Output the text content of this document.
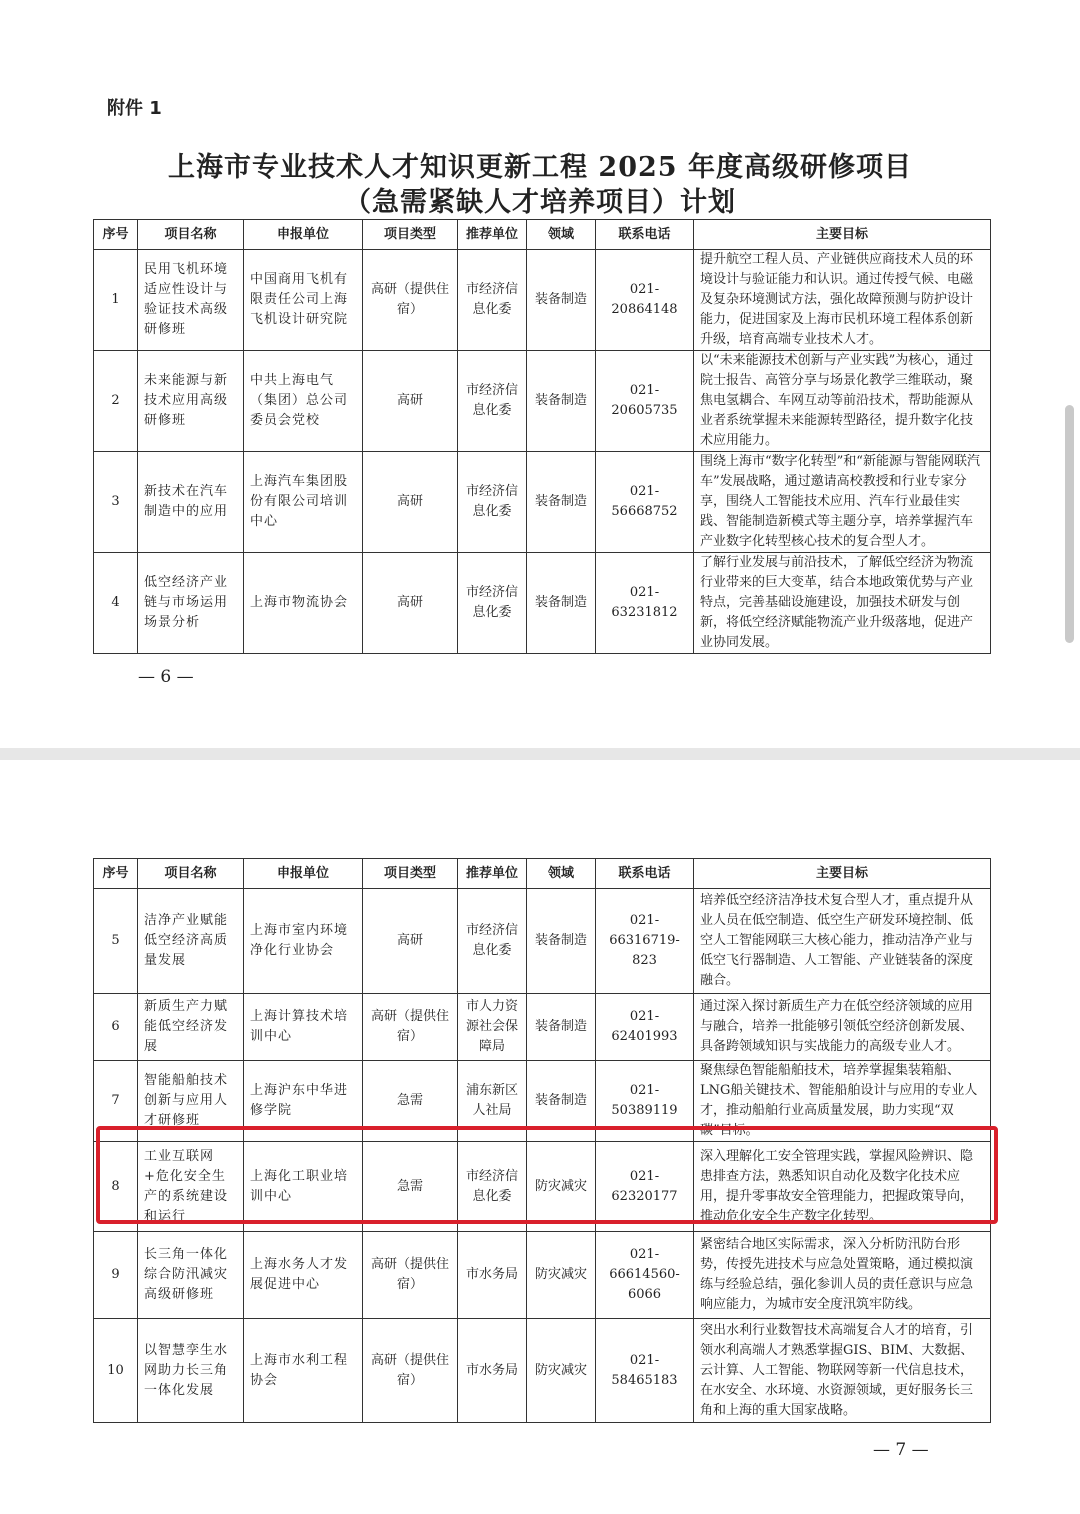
附件 1
上海市专业技术人才知识更新工程 2025 年度高级研修项目
（急需紧缺人才培养项目）计划
序号	项目名称	申报单位	项目类型	推荐单位	领域	联系电话	主要目标
1	民用飞机环境适应性设计与验证技术高级研修班	中国商用飞机有限责任公司上海飞机设计研究院	高研（提供住宿）	市经济信息化委	装备制造	021-20864148	提升航空工程人员、产业链供应商技术人员的环境设计与验证能力和认识。通过传授气候、电磁及复杂环境测试方法，强化故障预测与防护设计能力，促进国家及上海市民机环境工程体系创新升级，培育高端专业技术人才。
2	未来能源与新技术应用高级研修班	中共上海电气（集团）总公司委员会党校	高研	市经济信息化委	装备制造	021-20605735	以“未来能源技术创新与产业实践”为核心，通过院士报告、高管分享与场景化教学三维联动，聚焦电氢耦合、车网互动等前沿技术，帮助能源从业者系统掌握未来能源转型路径，提升数字化技术应用能力。
3	新技术在汽车制造中的应用	上海汽车集团股份有限公司培训中心	高研	市经济信息化委	装备制造	021-56668752	围绕上海市“数字化转型”和“新能源与智能网联汽车”发展战略，通过邀请高校教授和行业专家分享，围绕人工智能技术应用、汽车行业最佳实践、智能制造新模式等主题分享，培养掌握汽车产业数字化转型核心技术的复合型人才。
4	低空经济产业链与市场运用场景分析	上海市物流协会	高研	市经济信息化委	装备制造	021-63231812	了解行业发展与前沿技术，了解低空经济为物流行业带来的巨大变革，结合本地政策优势与产业特点，完善基础设施建设，加强技术研发与创新，将低空经济赋能物流产业升级落地，促进产业协同发展。
— 6 —
序号	项目名称	申报单位	项目类型	推荐单位	领域	联系电话	主要目标
5	洁净产业赋能低空经济高质量发展	上海市室内环境净化行业协会	高研	市经济信息化委	装备制造	021-66316719-823	培养低空经济洁净技术复合型人才，重点提升从业人员在低空制造、低空生产研发环境控制、低空人工智能网联三大核心能力，推动洁净产业与低空飞行器制造、人工智能、产业链装备的深度融合。
6	新质生产力赋能低空经济发展	上海计算技术培训中心	高研（提供住宿）	市人力资源社会保障局	装备制造	021-62401993	通过深入探讨新质生产力在低空经济领域的应用与融合，培养一批能够引领低空经济创新发展、具备跨领域知识与实战能力的高级专业人才。
7	智能船舶技术创新与应用人才研修班	上海沪东中华进修学院	急需	浦东新区人社局	装备制造	021-50389119	聚焦绿色智能船舶技术，培养掌握集装箱船、LNG船关键技术、智能船舶设计与应用的专业人才，推动船舶行业高质量发展，助力实现“双碳”目标。
8	工业互联网+危化安全生产的系统建设和运行	上海化工职业培训中心	急需	市经济信息化委	防灾减灾	021-62320177	深入理解化工安全管理实践，掌握风险辨识、隐患排查方法，熟悉知识自动化及数字化技术应用，提升零事故安全管理能力，把握政策导向，推动危化安全生产数字化转型。
9	长三角一体化综合防汛减灾高级研修班	上海水务人才发展促进中心	高研（提供住宿）	市水务局	防灾减灾	021-66614560-6066	紧密结合地区实际需求，深入分析防汛防台形势，传授先进技术与应急处置策略，通过模拟演练与经验总结，强化参训人员的责任意识与应急响应能力，为城市安全度汛筑牢防线。
10	以智慧孪生水网助力长三角一体化发展	上海市水利工程协会	高研（提供住宿）	市水务局	防灾减灾	021-58465183	突出水利行业数智技术高端复合人才的培育，引领水利高端人才熟悉掌握GIS、BIM、大数据、云计算、人工智能、物联网等新一代信息技术，在水安全、水环境、水资源领域，更好服务长三角和上海的重大国家战略。
— 7 —
